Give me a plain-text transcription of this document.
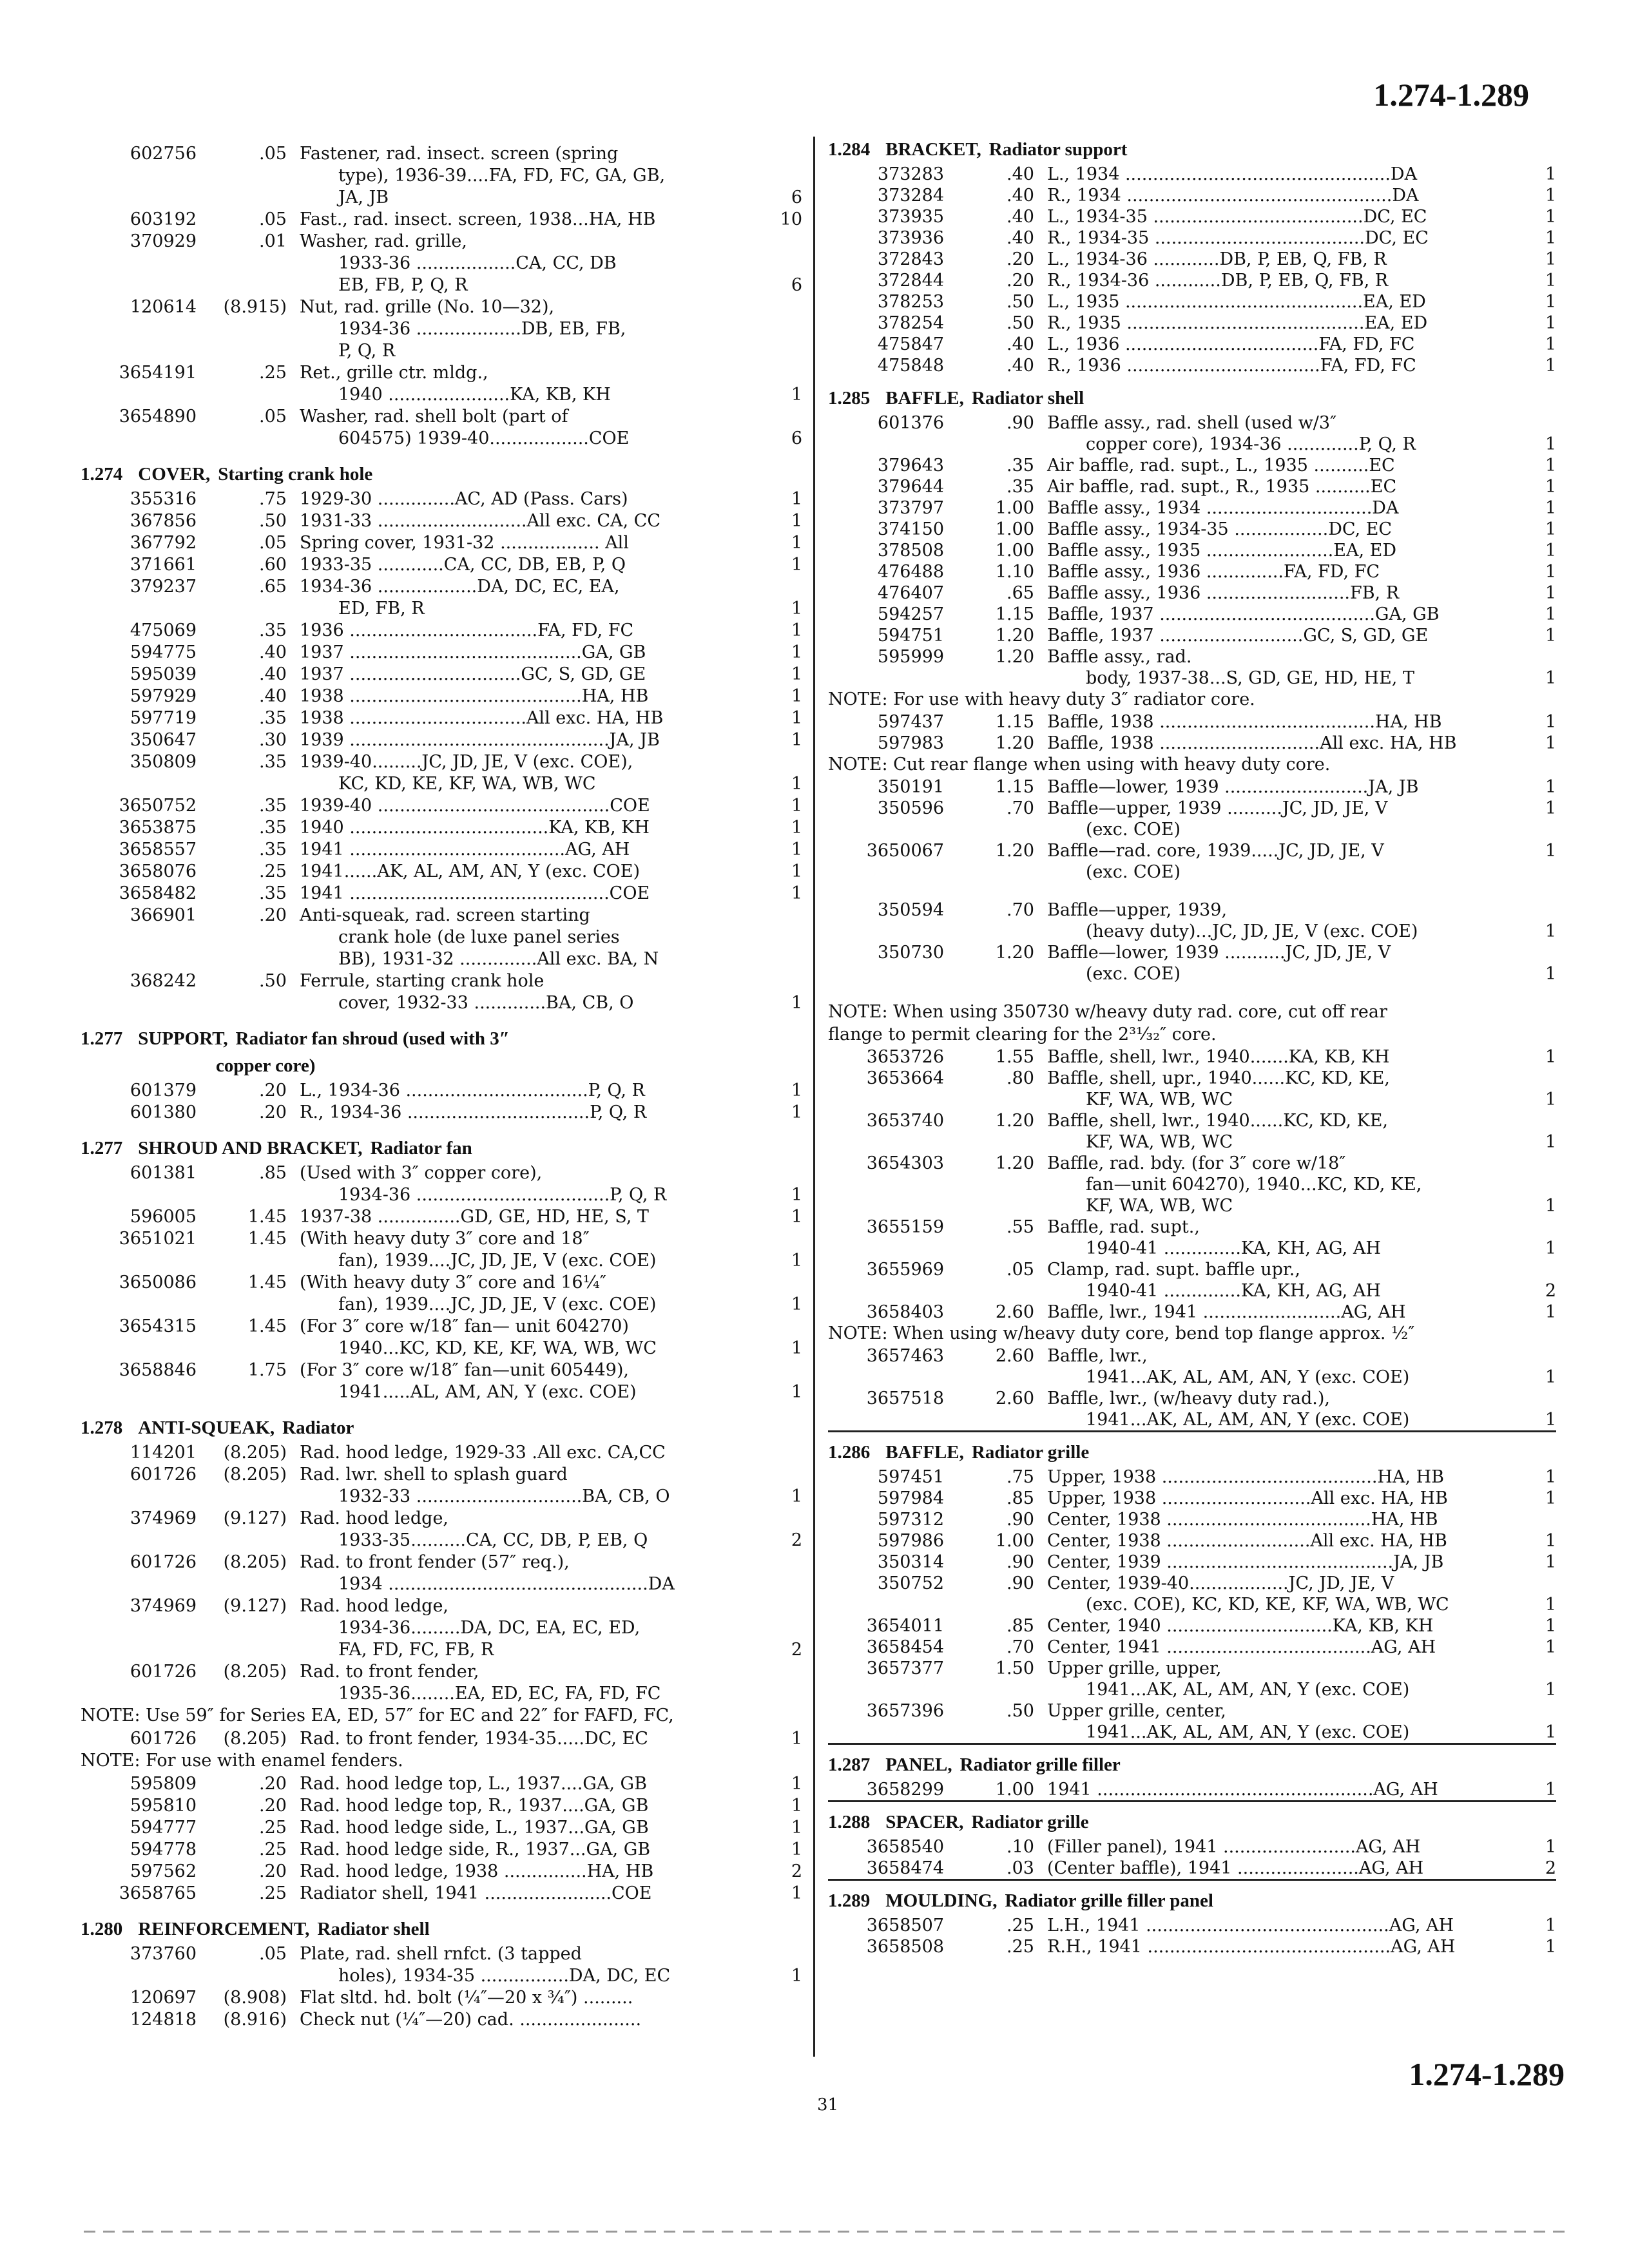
1.274-1.289
602756	.05 Fastener, rad. insect. screen (spring
type), 1936-39....FA, FD, FC, GA, GB,
JA, JB	6
603192	.05 Fast., rad. insect. screen, 1938...HA, HB	10
370929	.01 Washer, rad. grille,
1933-36 ..................CA, CC, DB
EB, FB, P, Q, R	6
120614	(8.915) Nut, rad. grille (No. 10—32),
1934-36 ...................DB, EB, FB,
P, Q, R
3654191	.25 Ret., grille ctr. mldg.,
1940 ......................KA, KB, KH	1
3654890	.05 Washer, rad. shell bolt (part of
604575) 1939-40..................COE	6
1.274 COVER, Starting crank hole
355316	.75 1929-30 ..............AC, AD (Pass. Cars)	1
367856	.50 1931-33 ...........................All exc. CA, CC	1
367792	.05 Spring cover, 1931-32 .................. All	1
371661	.60 1933-35 ............CA, CC, DB, EB, P, Q	1
379237	.65 1934-36 ..................DA, DC, EC, EA,
ED, FB, R	1
475069	.35 1936 ..................................FA, FD, FC	1
594775	.40 1937 ..........................................GA, GB	1
595039	.40 1937 ...............................GC, S, GD, GE	1
597929	.40 1938 ..........................................HA, HB	1
597719	.35 1938 ................................All exc. HA, HB	1
350647	.30 1939 ...............................................JA, JB	1
350809	.35 1939-40.........JC, JD, JE, V (exc. COE),
KC, KD, KE, KF, WA, WB, WC	1
3650752	.35 1939-40 ..........................................COE	1
3653875	.35 1940 ....................................KA, KB, KH	1
3658557	.35 1941 .......................................AG, AH	1
3658076	.25 1941......AK, AL, AM, AN, Y (exc. COE)	1
3658482	.35 1941 ...............................................COE	1
366901	.20 Anti-squeak, rad. screen starting
crank hole (de luxe panel series
BB), 1931-32 ..............All exc. BA, N
368242	.50 Ferrule, starting crank hole
cover, 1932-33 .............BA, CB, O	1
1.277 SUPPORT, Radiator fan shroud (used with 3″
copper core)
601379	.20 L., 1934-36 .................................P, Q, R	1
601380	.20 R., 1934-36 .................................P, Q, R	1
1.277 SHROUD AND BRACKET, Radiator fan
601381	.85 (Used with 3″ copper core),
1934-36 ...................................P, Q, R	1
596005	1.45 1937-38 ...............GD, GE, HD, HE, S, T	1
3651021	1.45 (With heavy duty 3″ core and 18″
fan), 1939....JC, JD, JE, V (exc. COE)	1
3650086	1.45 (With heavy duty 3″ core and 16¼″
fan), 1939....JC, JD, JE, V (exc. COE)	1
3654315	1.45 (For 3″ core w/18″ fan— unit 604270)
1940...KC, KD, KE, KF, WA, WB, WC	1
3658846	1.75 (For 3″ core w/18″ fan—unit 605449),
1941.....AL, AM, AN, Y (exc. COE)	1
1.278 ANTI-SQUEAK, Radiator
114201	(8.205) Rad. hood ledge, 1929-33 .All exc. CA,CC
601726	(8.205) Rad. lwr. shell to splash guard
1932-33 ..............................BA, CB, O	1
374969	(9.127) Rad. hood ledge,
1933-35..........CA, CC, DB, P, EB, Q	2
601726	(8.205) Rad. to front fender (57″ req.),
1934 ...............................................DA
374969	(9.127) Rad. hood ledge,
1934-36.........DA, DC, EA, EC, ED,
FA, FD, FC, FB, R	2
601726	(8.205) Rad. to front fender,
1935-36........EA, ED, EC, FA, FD, FC
NOTE: Use 59″ for Series EA, ED, 57″ for EC and 22″ for FAFD, FC,
601726	(8.205) Rad. to front fender, 1934-35.....DC, EC	1
NOTE: For use with enamel fenders.
595809	.20 Rad. hood ledge top, L., 1937....GA, GB	1
595810	.20 Rad. hood ledge top, R., 1937....GA, GB	1
594777	.25 Rad. hood ledge side, L., 1937...GA, GB	1
594778	.25 Rad. hood ledge side, R., 1937...GA, GB	1
597562	.20 Rad. hood ledge, 1938 ...............HA, HB	2
3658765	.25 Radiator shell, 1941 .......................COE	1
1.280 REINFORCEMENT, Radiator shell
373760	.05 Plate, rad. shell rnfct. (3 tapped
holes), 1934-35 ................DA, DC, EC	1
120697	(8.908) Flat sltd. hd. bolt (¼″—20 x ¾″) .........
124818	(8.916) Check nut (¼″—20) cad. ......................
1.284 BRACKET, Radiator support
373283	.40 L., 1934 ................................................DA	1
373284	.40 R., 1934 ................................................DA	1
373935	.40 L., 1934-35 ......................................DC, EC	1
373936	.40 R., 1934-35 ......................................DC, EC	1
372843	.20 L., 1934-36 ............DB, P, EB, Q, FB, R	1
372844	.20 R., 1934-36 ............DB, P, EB, Q, FB, R	1
378253	.50 L., 1935 ...........................................EA, ED	1
378254	.50 R., 1935 ...........................................EA, ED	1
475847	.40 L., 1936 ...................................FA, FD, FC	1
475848	.40 R., 1936 ...................................FA, FD, FC	1
1.285 BAFFLE, Radiator shell
601376	.90 Baffle assy., rad. shell (used w/3″
copper core), 1934-36 .............P, Q, R	1
379643	.35 Air baffle, rad. supt., L., 1935 ..........EC	1
379644	.35 Air baffle, rad. supt., R., 1935 ..........EC	1
373797	1.00 Baffle assy., 1934 ..............................DA	1
374150	1.00 Baffle assy., 1934-35 .................DC, EC	1
378508	1.00 Baffle assy., 1935 .......................EA, ED	1
476488	1.10 Baffle assy., 1936 ..............FA, FD, FC	1
476407	.65 Baffle assy., 1936 ..........................FB, R	1
594257	1.15 Baffle, 1937 .......................................GA, GB	1
594751	1.20 Baffle, 1937 ..........................GC, S, GD, GE	1
595999	1.20 Baffle assy., rad.
body, 1937-38...S, GD, GE, HD, HE, T	1
NOTE: For use with heavy duty 3″ radiator core.
597437	1.15 Baffle, 1938 .......................................HA, HB	1
597983	1.20 Baffle, 1938 .............................All exc. HA, HB	1
NOTE: Cut rear flange when using with heavy duty core.
350191	1.15 Baffle—lower, 1939 ..........................JA, JB	1
350596	.70 Baffle—upper, 1939 ..........JC, JD, JE, V	1
(exc. COE)
3650067	1.20 Baffle—rad. core, 1939.....JC, JD, JE, V	1
(exc. COE)
350594	.70 Baffle—upper, 1939,
(heavy duty)...JC, JD, JE, V (exc. COE)	1
350730	1.20 Baffle—lower, 1939 ...........JC, JD, JE, V
(exc. COE)	1
NOTE: When using 350730 w/heavy duty rad. core, cut off rear
flange to permit clearing for the 2³¹⁄₃₂″ core.
3653726	1.55 Baffle, shell, lwr., 1940.......KA, KB, KH	1
3653664	.80 Baffle, shell, upr., 1940......KC, KD, KE,
KF, WA, WB, WC	1
3653740	1.20 Baffle, shell, lwr., 1940......KC, KD, KE,
KF, WA, WB, WC	1
3654303	1.20 Baffle, rad. bdy. (for 3″ core w/18″
fan—unit 604270), 1940...KC, KD, KE,
KF, WA, WB, WC	1
3655159	.55 Baffle, rad. supt.,
1940-41 ..............KA, KH, AG, AH	1
3655969	.05 Clamp, rad. supt. baffle upr.,
1940-41 ..............KA, KH, AG, AH	2
3658403	2.60 Baffle, lwr., 1941 .........................AG, AH	1
NOTE: When using w/heavy duty core, bend top flange approx. ½″
3657463	2.60 Baffle, lwr.,
1941...AK, AL, AM, AN, Y (exc. COE)	1
3657518	2.60 Baffle, lwr., (w/heavy duty rad.),
1941...AK, AL, AM, AN, Y (exc. COE)	1
1.286 BAFFLE, Radiator grille
597451	.75 Upper, 1938 .......................................HA, HB	1
597984	.85 Upper, 1938 ...........................All exc. HA, HB	1
597312	.90 Center, 1938 .....................................HA, HB
597986	1.00 Center, 1938 ..........................All exc. HA, HB	1
350314	.90 Center, 1939 .........................................JA, JB	1
350752	.90 Center, 1939-40..................JC, JD, JE, V
(exc. COE), KC, KD, KE, KF, WA, WB, WC	1
3654011	.85 Center, 1940 ..............................KA, KB, KH	1
3658454	.70 Center, 1941 .....................................AG, AH	1
3657377	1.50 Upper grille, upper,
1941...AK, AL, AM, AN, Y (exc. COE)	1
3657396	.50 Upper grille, center,
1941...AK, AL, AM, AN, Y (exc. COE)	1
1.287 PANEL, Radiator grille filler
3658299	1.00 1941 ..................................................AG, AH	1
1.288 SPACER, Radiator grille
3658540	.10 (Filler panel), 1941 ........................AG, AH	1
3658474	.03 (Center baffle), 1941 ......................AG, AH	2
1.289 MOULDING, Radiator grille filler panel
3658507	.25 L.H., 1941 ............................................AG, AH	1
3658508	.25 R.H., 1941 ............................................AG, AH	1
31
1.274-1.289
